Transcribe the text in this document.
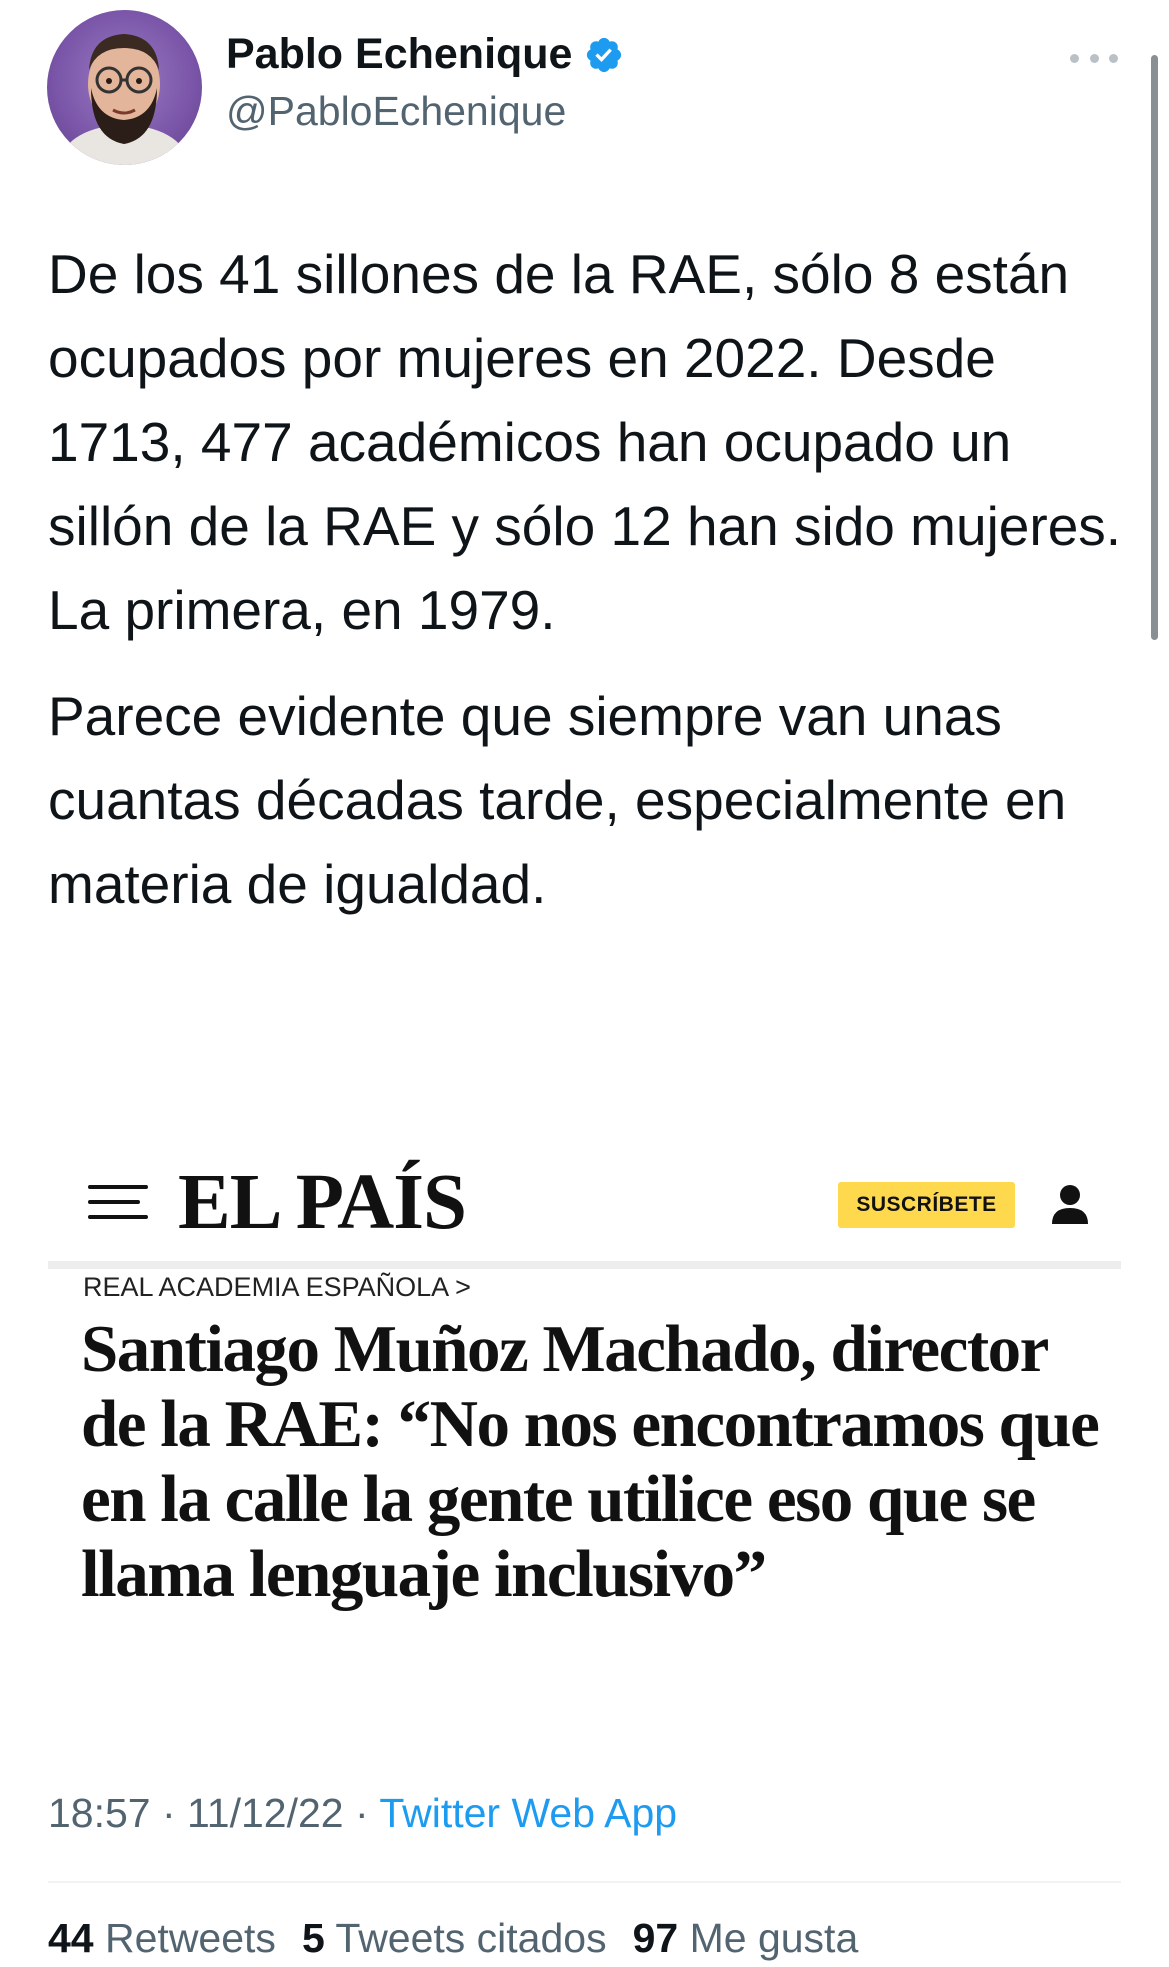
Pablo Echenique
@PabloEchenique

De los 41 sillones de la RAE, sólo 8 están ocupados por mujeres en 2022. Desde 1713, 477 académicos han ocupado un sillón de la RAE y sólo 12 han sido mujeres. La primera, en 1979.

Parece evidente que siempre van unas cuantas décadas tarde, especialmente en materia de igualdad.

EL PAÍS	SUSCRÍBETE
REAL ACADEMIA ESPAÑOLA >
Santiago Muñoz Machado, director de la RAE: “No nos encontramos que en la calle la gente utilice eso que se llama lenguaje inclusivo”
18:57 · 11/12/22 · Twitter Web App
44 Retweets 5 Tweets citados 97 Me gusta
